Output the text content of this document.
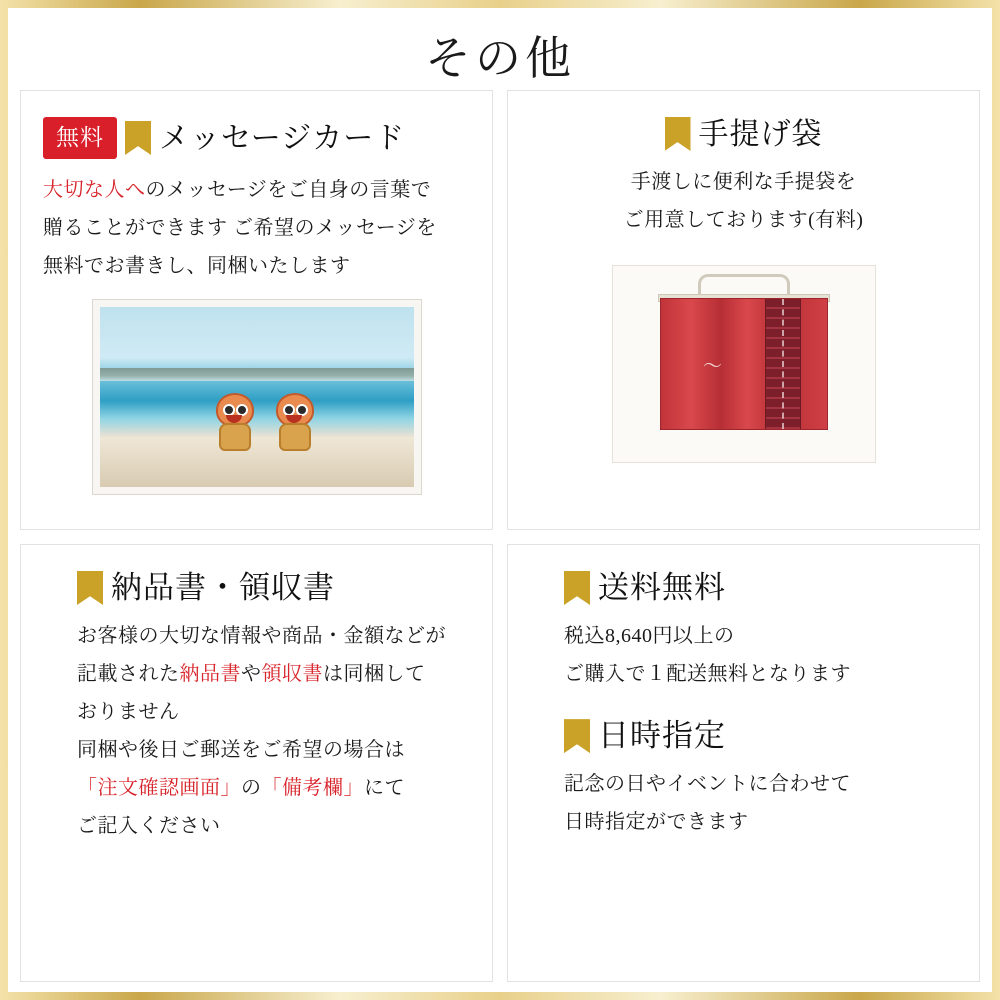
その他
無料	メッセージカード
大切な人へのメッセージをご自身の言葉で
贈ることができます ご希望のメッセージを
無料でお書きし、同梱いたします
手提げ袋
手渡しに便利な手提袋を
ご用意しております(有料)
〜
納品書・領収書
お客様の大切な情報や商品・金額などが
記載された納品書や領収書は同梱して
おりません
同梱や後日ご郵送をご希望の場合は
「注文確認画面」の「備考欄」にて
ご記入ください
送料無料
税込8,640円以上の
ご購入で１配送無料となります
日時指定
記念の日やイベントに合わせて
日時指定ができます
